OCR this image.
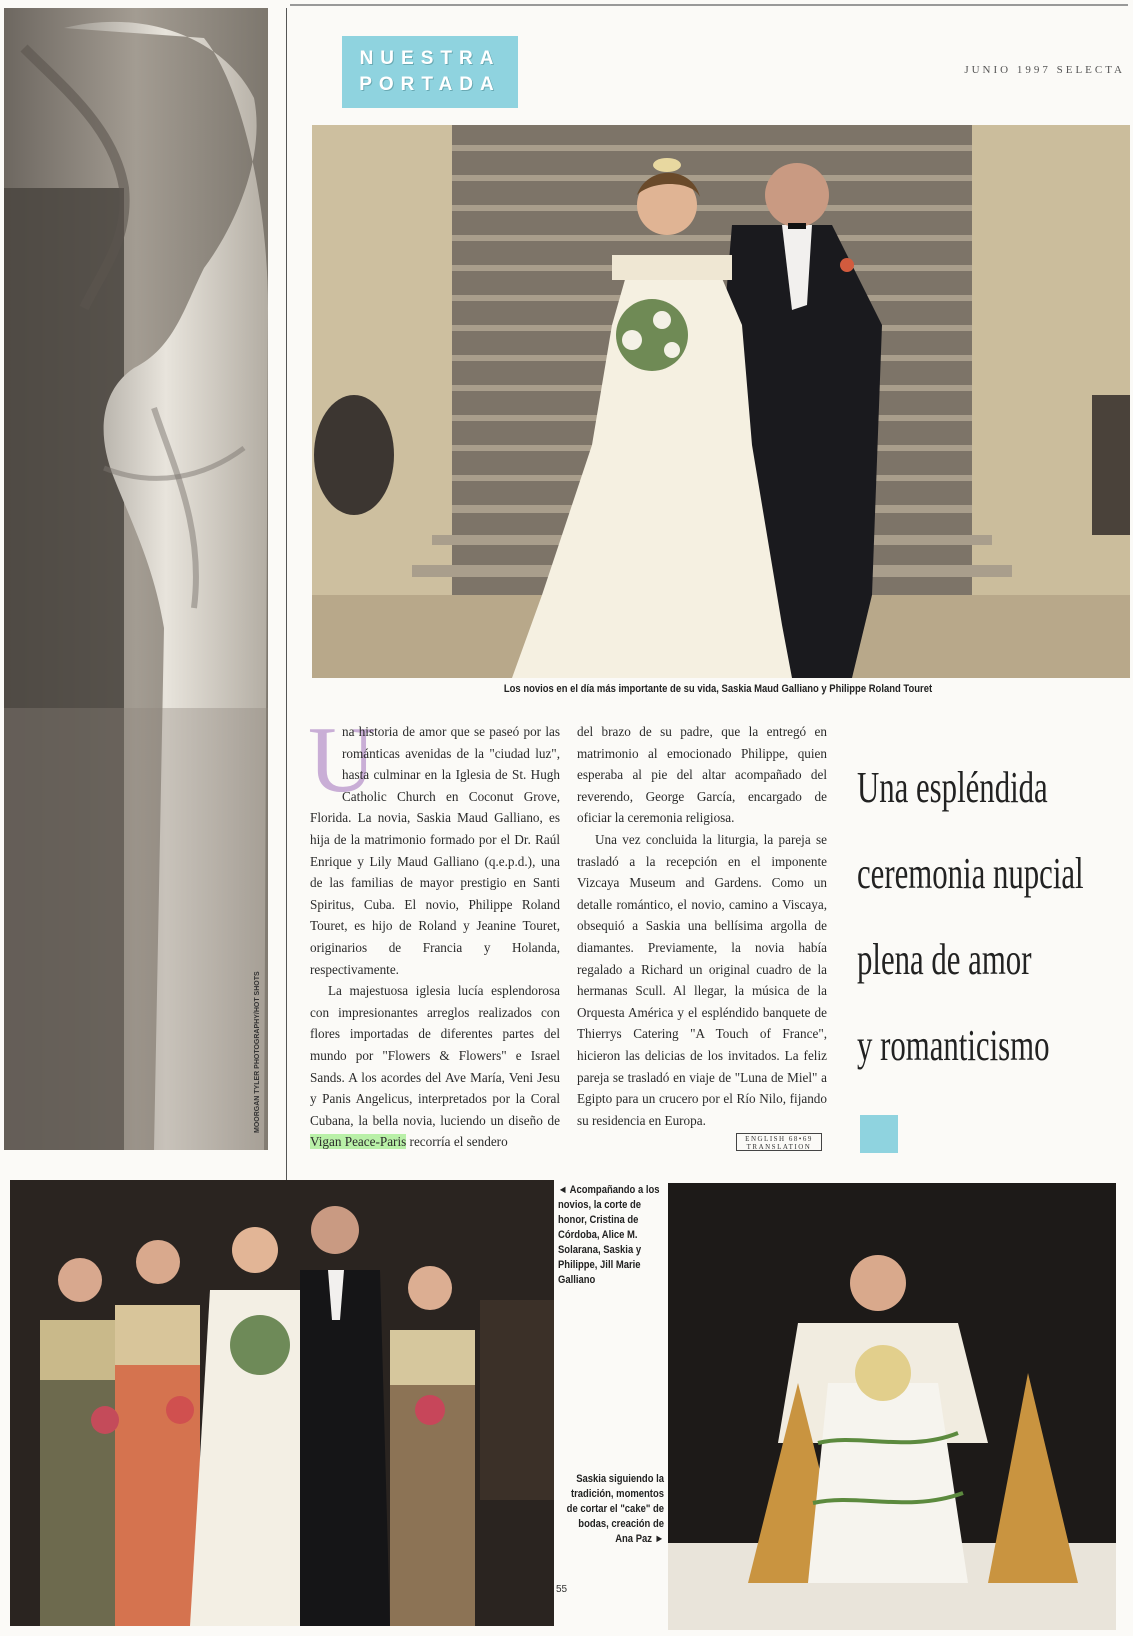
MOORGAN TYLER PHOTOGRAPHY/HOT SHOTS
NUESTRA
PORTADA
JUNIO 1997 SELECTA
Los novios en el día más importante de su vida, Saskia Maud Galliano y Philippe Roland Touret
U

na historia de amor que se paseó por las románticas avenidas de la "ciudad luz", hasta culminar en la Iglesia de St. Hugh Catholic Church en Coconut Grove, Florida. La novia, Saskia Maud Galliano, es hija de la matrimonio formado por el Dr. Raúl Enrique y Lily Maud Galliano (q.e.p.d.), una de las familias de mayor prestigio en Santi Spiritus, Cuba. El novio, Philippe Roland Touret, es hijo de Roland y Jeanine Touret, originarios de Francia y Holanda, respectivamente.

La majestuosa iglesia lucía esplendorosa con impresionantes arreglos realizados con flores importadas de diferentes partes del mundo por "Flowers & Flowers" e Israel Sands. A los acordes del Ave María, Veni Jesu y Panis Angelicus, interpretados por la Coral Cubana, la bella novia, luciendo un diseño de Vigan Peace-Paris recorría el sendero

del brazo de su padre, que la entregó en matrimonio al emocionado Philippe, quien esperaba al pie del altar acompañado del reverendo, George García, encargado de oficiar la ceremonia religiosa.

Una vez concluida la liturgia, la pareja se trasladó a la recepción en el imponente Vizcaya Museum and Gardens. Como un detalle romántico, el novio, camino a Viscaya, obsequió a Saskia una bellísima argolla de diamantes. Previamente, la novia había regalado a Richard un original cuadro de la hermanas Scull. Al llegar, la música de la Orquesta América y el espléndido banquete de Thierrys Catering "A Touch of France", hicieron las delicias de los invitados. La feliz pareja se trasladó en viaje de "Luna de Miel" a Egipto para un crucero por el Río Nilo, fijando su residencia en Europa.

ENGLISH 68•69
TRANSLATION
Una espléndida
ceremonia nupcial
plena de amor
y romanticismo
◄ Acompañando a los novios, la corte de honor, Cristina de Córdoba, Alice M. Solarana, Saskia y Philippe, Jill Marie Galliano
Saskia siguiendo la tradición, momentos de cortar el "cake" de bodas, creación de Ana Paz ►
55
